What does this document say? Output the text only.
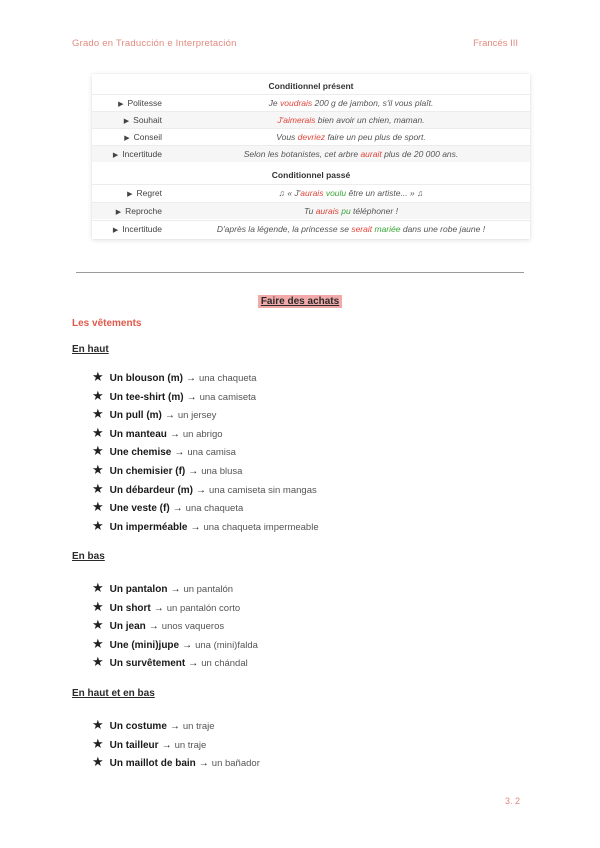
Grado en Traducción e Interpretación	Francés III
Conditionnel présent
Conditionnel passé
▶ Politesse	Je voudrais 200 g de jambon, s'il vous plaît.
▶ Souhait	J'aimerais bien avoir un chien, maman.
▶ Conseil	Vous devriez faire un peu plus de sport.
▶ Incertitude	Selon les botanistes, cet arbre aurait plus de 20 000 ans.
▶ Regret	♫ « J'aurais voulu être un artiste... » ♫
▶ Reproche	Tu aurais pu téléphoner !
▶ Incertitude	D'après la légende, la princesse se serait mariée dans une robe jaune !
Faire des achats
Les vêtements
En haut
★ Un blouson (m) → una chaqueta
★ Un tee-shirt (m) → una camiseta
★ Un pull (m) → un jersey
★ Un manteau → un abrigo
★ Une chemise → una camisa
★ Un chemisier (f) → una blusa
★ Un débardeur (m) → una camiseta sin mangas
★ Une veste (f) → una chaqueta
★ Un imperméable → una chaqueta impermeable
En bas
★ Un pantalon → un pantalón
★ Un short → un pantalón corto
★ Un jean → unos vaqueros
★ Une (mini)jupe → una (mini)falda
★ Un survêtement → un chándal
En haut et en bas
★ Un costume → un traje
★ Un tailleur → un traje
★ Un maillot de bain → un bañador
3. 2
